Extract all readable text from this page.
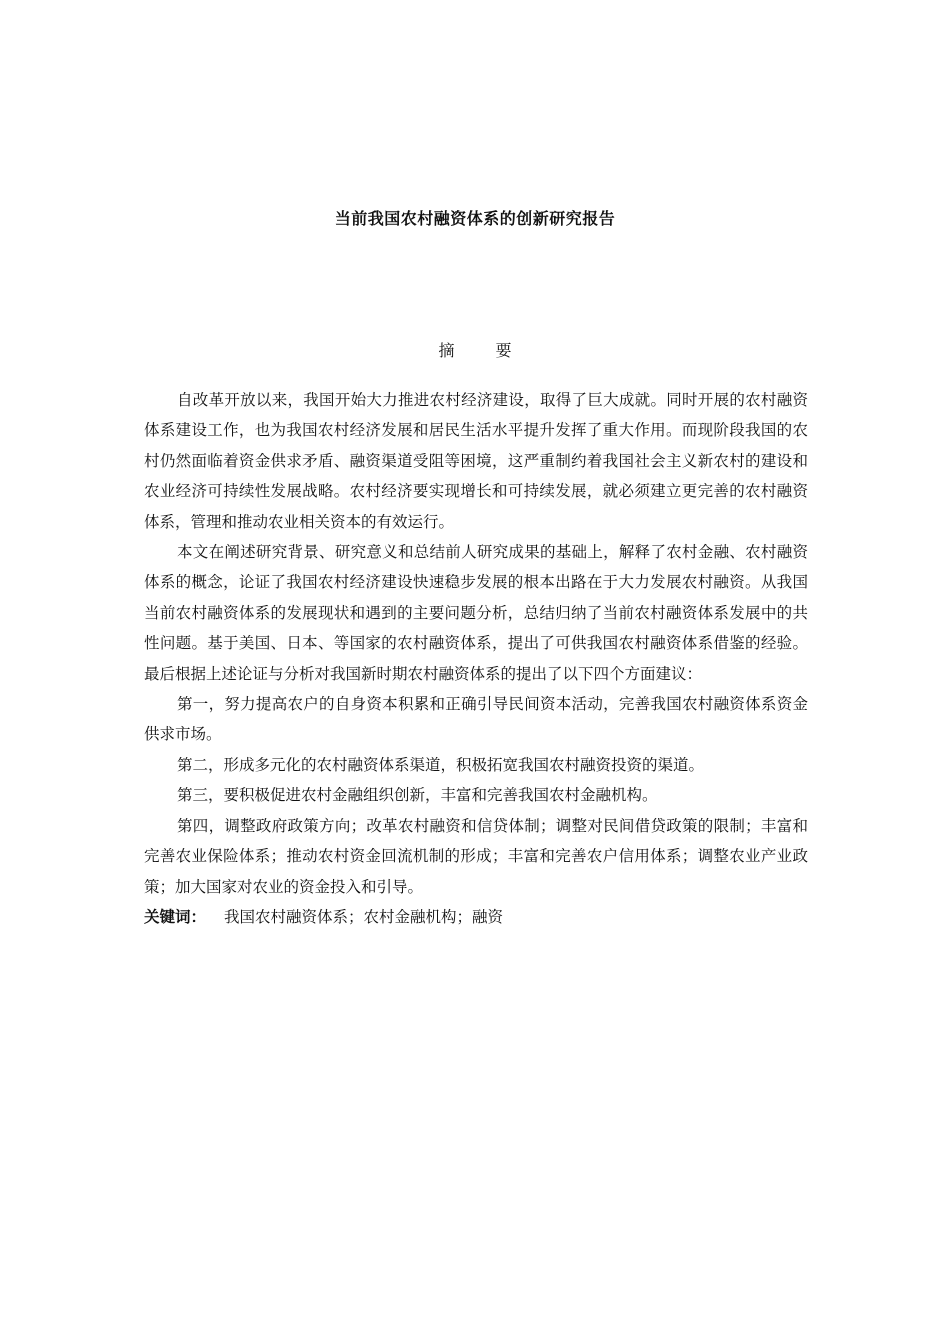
当前我国农村融资体系的创新研究报告
摘 要

自改革开放以来，我国开始大力推进农村经济建设，取得了巨大成就。同时开展的农村融资体系建设工作，也为我国农村经济发展和居民生活水平提升发挥了重大作用。而现阶段我国的农村仍然面临着资金供求矛盾、融资渠道受阻等困境，这严重制约着我国社会主义新农村的建设和农业经济可持续性发展战略。农村经济要实现增长和可持续发展，就必须建立更完善的农村融资体系，管理和推动农业相关资本的有效运行。

本文在阐述研究背景、研究意义和总结前人研究成果的基础上，解释了农村金融、农村融资体系的概念，论证了我国农村经济建设快速稳步发展的根本出路在于大力发展农村融资。从我国当前农村融资体系的发展现状和遇到的主要问题分析，总结归纳了当前农村融资体系发展中的共性问题。基于美国、日本、等国家的农村融资体系，提出了可供我国农村融资体系借鉴的经验。最后根据上述论证与分析对我国新时期农村融资体系的提出了以下四个方面建议：

第一，努力提高农户的自身资本积累和正确引导民间资本活动，完善我国农村融资体系资金供求市场。

第二，形成多元化的农村融资体系渠道，积极拓宽我国农村融资投资的渠道。

第三，要积极促进农村金融组织创新，丰富和完善我国农村金融机构。

第四，调整政府政策方向；改革农村融资和信贷体制；调整对民间借贷政策的限制；丰富和完善农业保险体系；推动农村资金回流机制的形成；丰富和完善农户信用体系；调整农业产业政策；加大国家对农业的资金投入和引导。

关键词： 我国农村融资体系；农村金融机构；融资
